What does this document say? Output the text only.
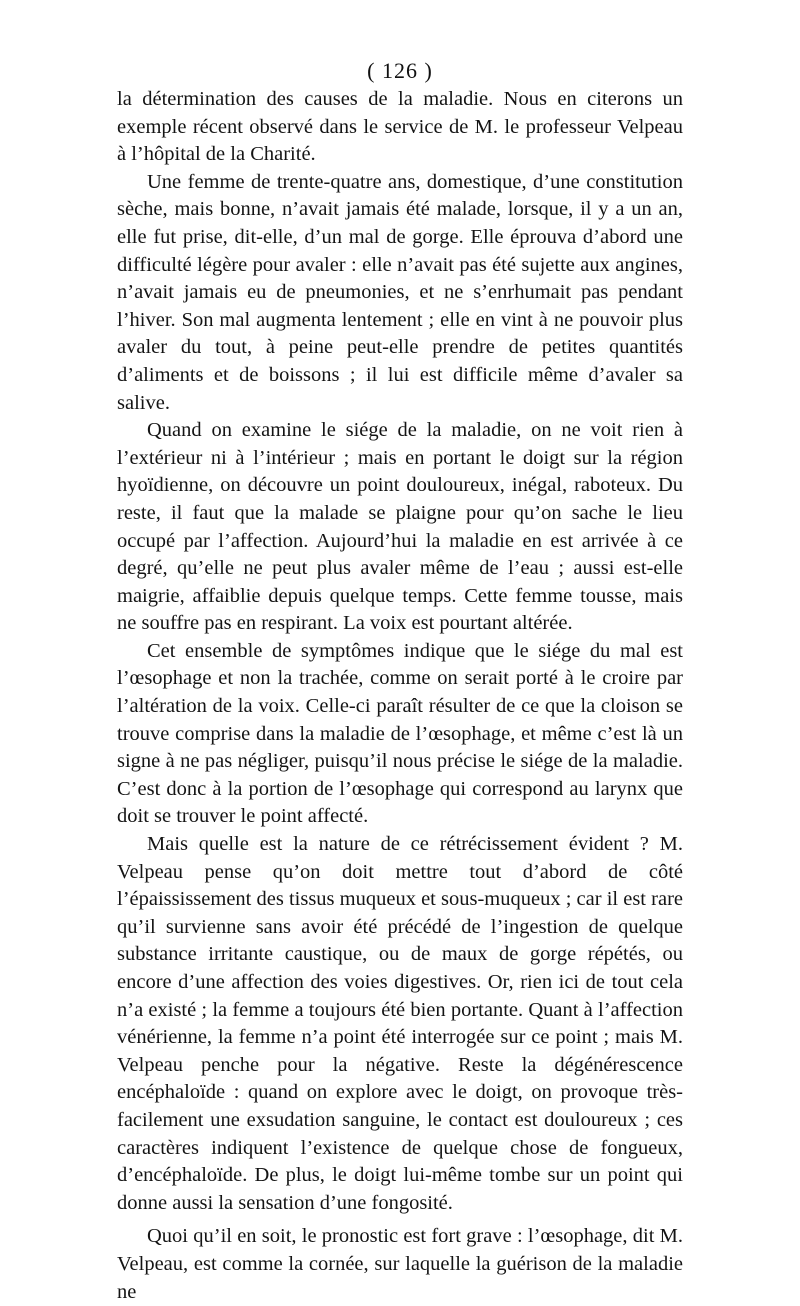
( 126 )

la détermination des causes de la maladie. Nous en citerons un exemple récent observé dans le service de M. le professeur Velpeau à l’hôpital de la Charité.

Une femme de trente-quatre ans, domestique, d’une constitution sèche, mais bonne, n’avait jamais été malade, lorsque, il y a un an, elle fut prise, dit-elle, d’un mal de gorge. Elle éprouva d’abord une difficulté légère pour avaler : elle n’avait pas été sujette aux angines, n’avait jamais eu de pneumonies, et ne s’enrhumait pas pendant l’hiver. Son mal augmenta lentement ; elle en vint à ne pouvoir plus avaler du tout, à peine peut-elle prendre de petites quantités d’aliments et de boissons ; il lui est difficile même d’avaler sa salive.

Quand on examine le siége de la maladie, on ne voit rien à l’extérieur ni à l’intérieur ; mais en portant le doigt sur la région hyoïdienne, on découvre un point douloureux, inégal, raboteux. Du reste, il faut que la malade se plaigne pour qu’on sache le lieu occupé par l’affection. Aujourd’hui la maladie en est arrivée à ce degré, qu’elle ne peut plus avaler même de l’eau ; aussi est-elle maigrie, affaiblie depuis quelque temps. Cette femme tousse, mais ne souffre pas en respirant. La voix est pourtant altérée.

Cet ensemble de symptômes indique que le siége du mal est l’œsophage et non la trachée, comme on serait porté à le croire par l’altération de la voix. Celle-ci paraît résulter de ce que la cloison se trouve comprise dans la maladie de l’œsophage, et même c’est là un signe à ne pas négliger, puisqu’il nous précise le siége de la maladie. C’est donc à la portion de l’œsophage qui correspond au larynx que doit se trouver le point affecté.

Mais quelle est la nature de ce rétrécissement évident ? M. Velpeau pense qu’on doit mettre tout d’abord de côté l’épaississement des tissus muqueux et sous-muqueux ; car il est rare qu’il survienne sans avoir été précédé de l’ingestion de quelque substance irritante caustique, ou de maux de gorge répétés, ou encore d’une affection des voies digestives. Or, rien ici de tout cela n’a existé ; la femme a toujours été bien portante. Quant à l’affection vénérienne, la femme n’a point été interrogée sur ce point ; mais M. Velpeau penche pour la négative. Reste la dégénérescence encéphaloïde : quand on explore avec le doigt, on provoque très-facilement une exsudation sanguine, le contact est douloureux ; ces caractères indiquent l’existence de quelque chose de fongueux, d’encéphaloïde. De plus, le doigt lui-même tombe sur un point qui donne aussi la sensation d’une fongosité.

Quoi qu’il en soit, le pronostic est fort grave : l’œsophage, dit M. Velpeau, est comme la cornée, sur laquelle la guérison de la maladie ne
